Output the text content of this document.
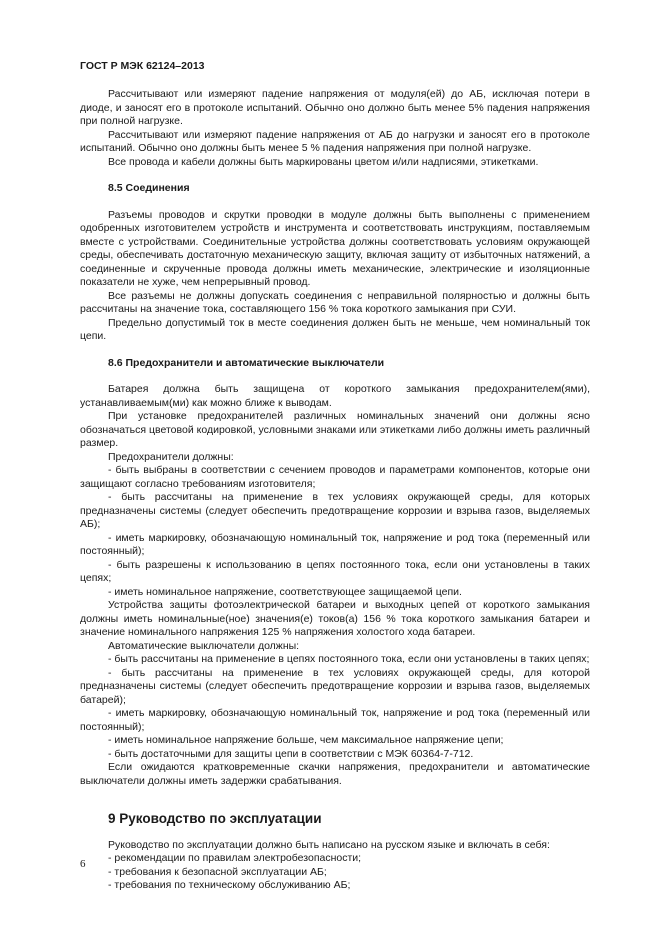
ГОСТ Р МЭК 62124–2013

Рассчитывают или измеряют падение напряжения от модуля(ей) до АБ, исключая потери в диоде, и заносят его в протоколе испытаний. Обычно оно должно быть менее 5% падения напряжения при полной нагрузке.

Рассчитывают или измеряют падение напряжения от АБ до нагрузки и заносят его в протоколе испытаний. Обычно оно должны быть менее 5 % падения напряжения при полной нагрузке.

Все провода и кабели должны быть маркированы цветом и/или надписями, этикетками.

8.5 Соединения

Разъемы проводов и скрутки проводки в модуле должны быть выполнены с применением одобренных изготовителем устройств и инструмента и соответствовать инструкциям, поставляемым вместе с устройствами. Соединительные устройства должны соответствовать условиям окружающей среды, обеспечивать достаточную механическую защиту, включая защиту от избыточных натяжений, а соединенные и скрученные провода должны иметь механические, электрические и изоляционные показатели не хуже, чем непрерывный провод.

Все разъемы не должны допускать соединения с неправильной полярностью и должны быть рассчитаны на значение тока, составляющего 156 % тока короткого замыкания при СУИ.

Предельно допустимый ток в месте соединения должен быть не меньше, чем номинальный ток цепи.

8.6 Предохранители и автоматические выключатели

Батарея должна быть защищена от короткого замыкания предохранителем(ями), устанавливаемым(ми) как можно ближе к выводам.

При установке предохранителей различных номинальных значений они должны ясно обозначаться цветовой кодировкой, условными знаками или этикетками либо должны иметь различный размер.

Предохранители должны:

- быть выбраны в соответствии с сечением проводов и параметрами компонентов, которые они защищают согласно требованиям изготовителя;

- быть рассчитаны на применение в тех условиях окружающей среды, для которых предназначены системы (следует обеспечить предотвращение коррозии и взрыва газов, выделяемых АБ);

- иметь маркировку, обозначающую номинальный ток, напряжение и род тока (переменный или постоянный);

- быть разрешены к использованию в цепях постоянного тока, если они установлены в таких цепях;

- иметь номинальное напряжение, соответствующее защищаемой цепи.

Устройства защиты фотоэлектрической батареи и выходных цепей от короткого замыкания должны иметь номинальные(ное) значения(е) токов(а) 156 % тока короткого замыкания батареи и значение номинального напряжения 125 % напряжения холостого хода батареи.

Автоматические выключатели должны:

- быть рассчитаны на применение в цепях постоянного тока, если они установлены в таких цепях;

- быть рассчитаны на применение в тех условиях окружающей среды, для которой предназначены системы (следует обеспечить предотвращение коррозии и взрыва газов, выделяемых батарей);

- иметь маркировку, обозначающую номинальный ток, напряжение и род тока (переменный или постоянный);

- иметь номинальное напряжение больше, чем максимальное напряжение цепи;

- быть достаточными для защиты цепи в соответствии с МЭК 60364-7-712.

Если ожидаются кратковременные скачки напряжения, предохранители и автоматические выключатели должны иметь задержки срабатывания.

9 Руководство по эксплуатации

Руководство по эксплуатации должно быть написано на русском языке и включать в себя:

- рекомендации по правилам электробезопасности;

- требования к безопасной эксплуатации АБ;

- требования по техническому обслуживанию АБ;

6
